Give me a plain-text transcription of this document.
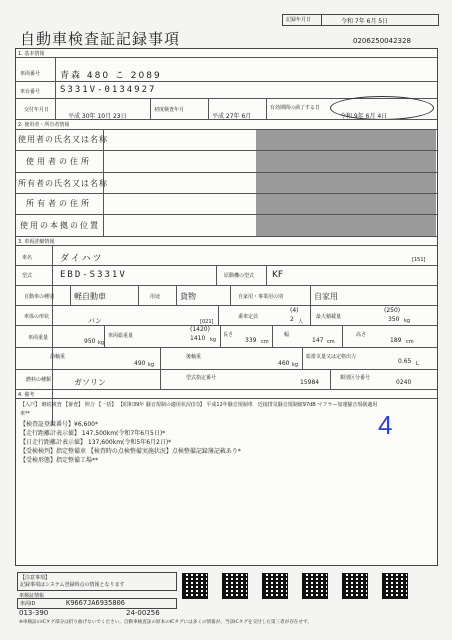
記録年月日	令和 7年 6月 5日
自動車検査証記録事項	0206250042328
1. 基本情報
車両番号 青森 480 こ 2089
車台番号 S331V-0134927
交付年月日
平成 30年 10月 23日
初度検査年月
平成 27年 6月
有効期間の満了する日
令和 9年 6月 4日
2. 使用者・所有者情報
使用者の氏名又は名称
使用者の住所
所有者の氏名又は名称
所有者の住所
使用の本拠の位置
3. 車両詳細情報
車名	ダイハツ	[151]
型式	EBD-S331V	原動機の型式 KF
自動車の種別 軽自動車	用途 貨物	自家用・事業用の別	自家用
車体の形状	バン	[021]
乗車定員
(4)
2 人
最大積載量
(250)
350 kg
車両重量	950 kg
車両総重量
(1420)
1410 kg
長さ
339 cm
幅
147 cm
高さ
189 cm
前軸重
490 kg
後軸重
460 kg
総排気量又は定格出力
0.65 L
燃料の種類	ガソリン	型式指定番号
15984
類別区分番号
0240
4. 備考
【入戸】 継続検査 【審査】 照合 【一括】 【昭和39年 騒音規制の適用状況(旧)】 平成12年騒音規制車　近接排気騒音規制値97dB マフラー加速騒音規制適用
車**
【検査証登録番号】¥6,600*
【走行距離計表示値】 147,500km(令和7年6月5日)*
【日走行距離計表示値】 137,600km(令和5年6月2日)*
【受検検判】指定整備車 【検査時の点検整備実施状況】点検整備記録簿記載あり*
【受検形態】指定整備工場**
4
【注意事項】
記録事項はシステム登録時点の情報となります
車検証情報
車両ID	K9667JA6935806
013-390	24-00256
※車検証のICタグ部分は折り曲げないでください。自動車検査証の原本のICタグには多くの情報が、当該ICタグを交付した第三者が存在せず。
